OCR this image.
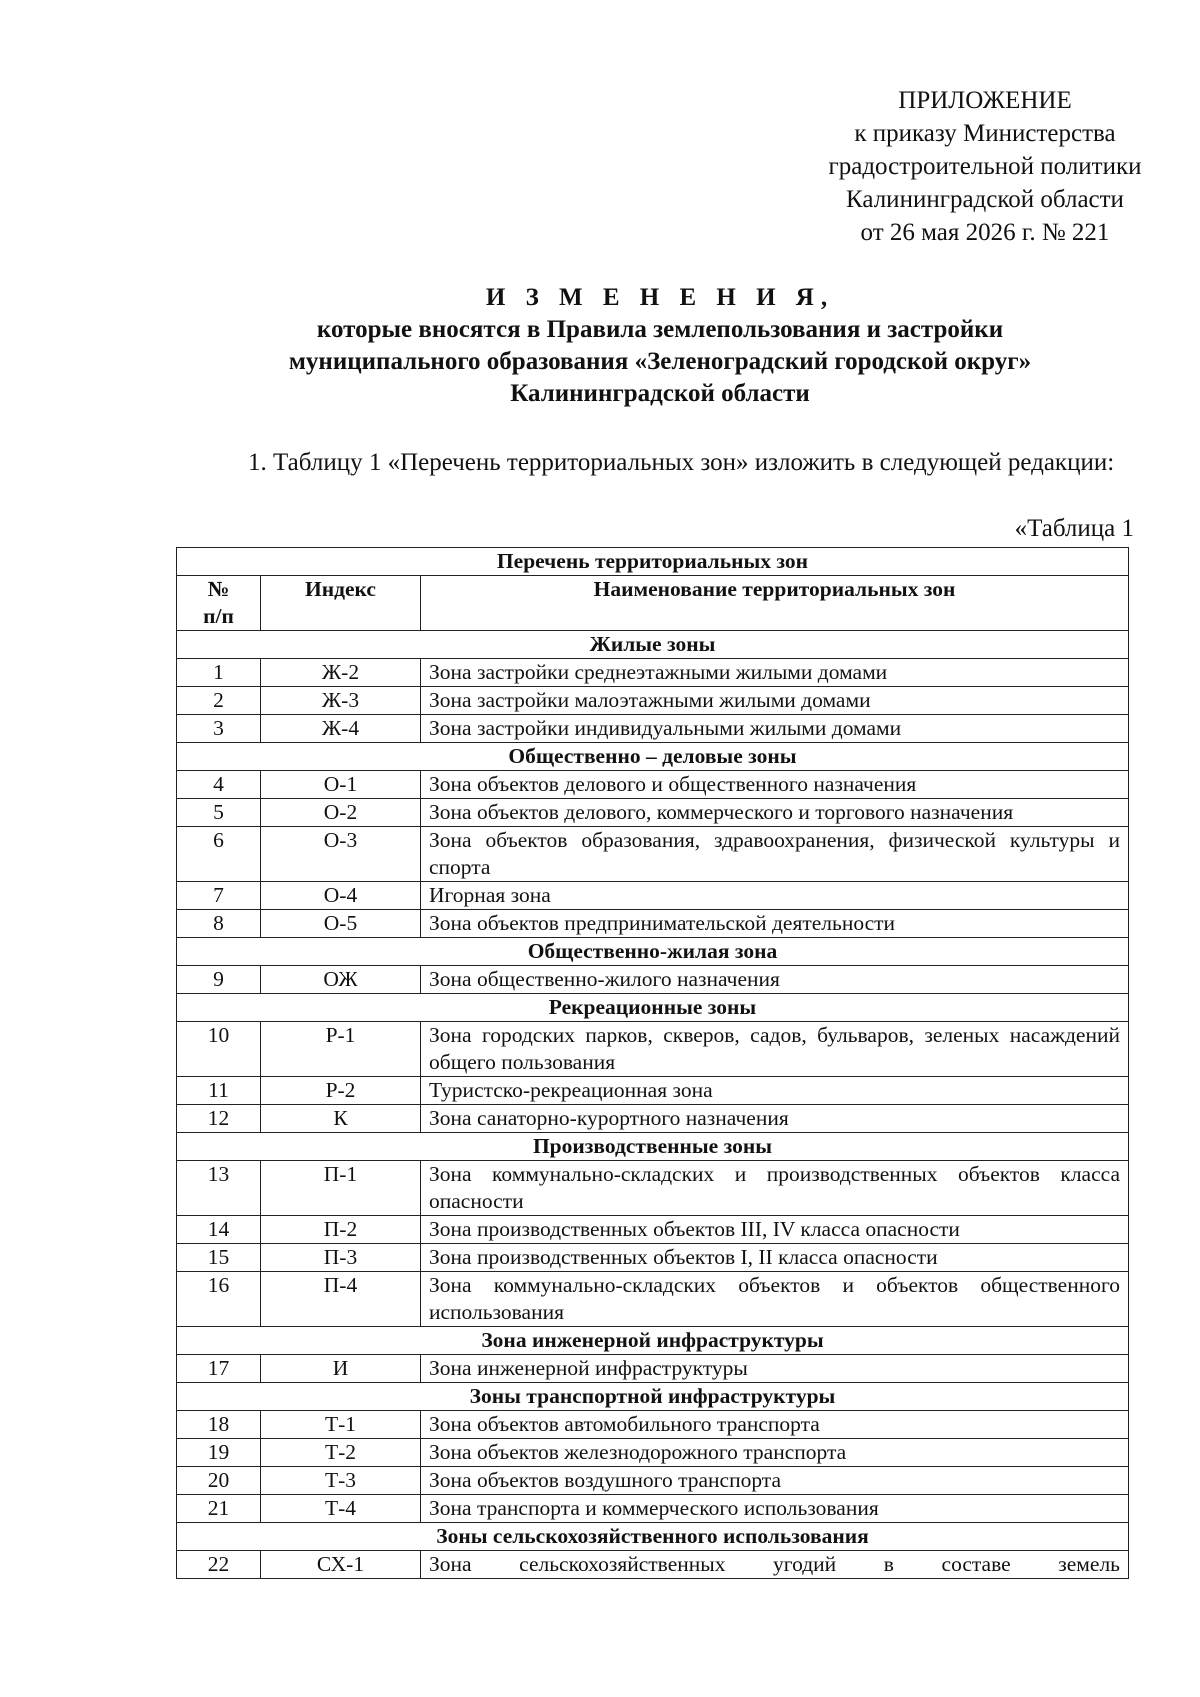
ПРИЛОЖЕНИЕ
к приказу Министерства
градостроительной политики
Калининградской области
от 26 мая 2026 г. № 221
И З М Е Н Е Н И Я,
которые вносятся в Правила землепользования и застройки
муниципального образования «Зеленоградский городской округ»
Калининградской области
1. Таблицу 1 «Перечень территориальных зон» изложить в следующей редакции:
«Таблица 1
Перечень территориальных зон		
№ п/п	Индекс	Наименование территориальных зон
Жилые зоны		
1	Ж-2	Зона застройки среднеэтажными жилыми домами
2	Ж-3	Зона застройки малоэтажными жилыми домами
3	Ж-4	Зона застройки индивидуальными жилыми домами
Общественно – деловые зоны		
4	О-1	Зона объектов делового и общественного назначения
5	О-2	Зона объектов делового, коммерческого и торгового назначения
6	О-3	Зона объектов образования, здравоохранения, физической культуры и спорта
7	О-4	Игорная зона
8	О-5	Зона объектов предпринимательской деятельности
Общественно-жилая зона		
9	ОЖ	Зона общественно-жилого назначения
Рекреационные зоны		
10	Р-1	Зона городских парков, скверов, садов, бульваров, зеленых насаждений общего пользования
11	Р-2	Туристско-рекреационная зона
12	К	Зона санаторно-курортного назначения
Производственные зоны		
13	П-1	Зона коммунально-складских и производственных объектов класса опасности
14	П-2	Зона производственных объектов III, IV класса опасности
15	П-3	Зона производственных объектов I, II класса опасности
16	П-4	Зона коммунально-складских объектов и объектов общественного использования
Зона инженерной инфраструктуры		
17	И	Зона инженерной инфраструктуры
Зоны транспортной инфраструктуры		
18	Т-1	Зона объектов автомобильного транспорта
19	Т-2	Зона объектов железнодорожного транспорта
20	Т-3	Зона объектов воздушного транспорта
21	Т-4	Зона транспорта и коммерческого использования
Зоны сельскохозяйственного использования		
22	СХ-1	Зона сельскохозяйственных угодий в составе земель
